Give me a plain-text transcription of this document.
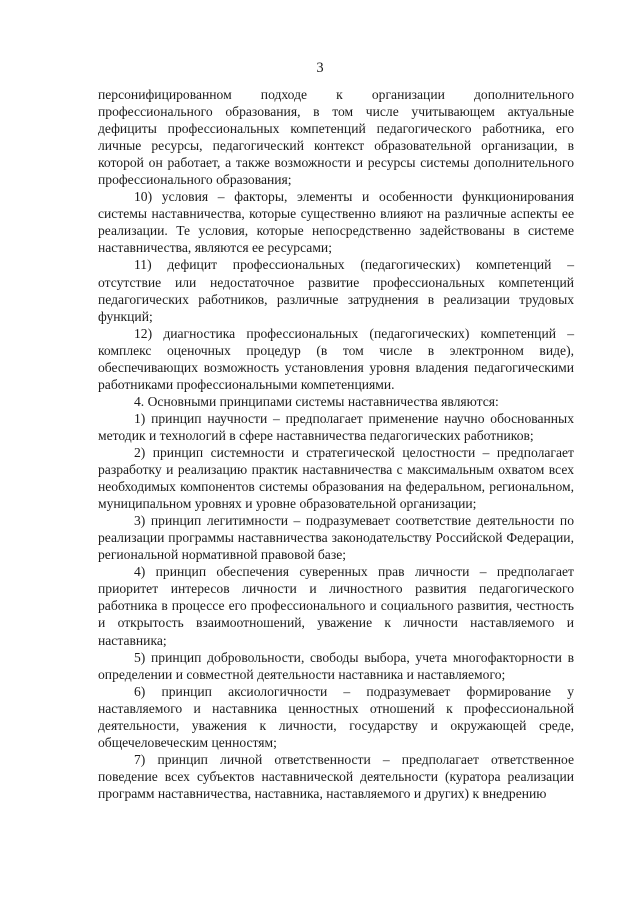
3

персонифицированном подходе к организации дополнительного профессионального образования, в том числе учитывающем актуальные дефициты профессиональных компетенций педагогического работника, его личные ресурсы, педагогический контекст образовательной организации, в которой он работает, а также возможности и ресурсы системы дополнительного профессионального образования;

10) условия – факторы, элементы и особенности функционирования системы наставничества, которые существенно влияют на различные аспекты ее реализации. Те условия, которые непосредственно задействованы в системе наставничества, являются ее ресурсами;

11) дефицит профессиональных (педагогических) компетенций – отсутствие или недостаточное развитие профессиональных компетенций педагогических работников, различные затруднения в реализации трудовых функций;

12) диагностика профессиональных (педагогических) компетенций – комплекс оценочных процедур (в том числе в электронном виде), обеспечивающих возможность установления уровня владения педагогическими работниками профессиональными компетенциями.

4. Основными принципами системы наставничества являются:

1) принцип научности – предполагает применение научно обоснованных методик и технологий в сфере наставничества педагогических работников;

2) принцип системности и стратегической целостности – предполагает разработку и реализацию практик наставничества с максимальным охватом всех необходимых компонентов системы образования на федеральном, региональном, муниципальном уровнях и уровне образовательной организации;

3) принцип легитимности – подразумевает соответствие деятельности по реализации программы наставничества законодательству Российской Федерации, региональной нормативной правовой базе;

4) принцип обеспечения суверенных прав личности – предполагает приоритет интересов личности и личностного развития педагогического работника в процессе его профессионального и социального развития, честность и открытость взаимоотношений, уважение к личности наставляемого и наставника;

5) принцип добровольности, свободы выбора, учета многофакторности в определении и совместной деятельности наставника и наставляемого;

6) принцип аксиологичности – подразумевает формирование у наставляемого и наставника ценностных отношений к профессиональной деятельности, уважения к личности, государству и окружающей среде, общечеловеческим ценностям;

7) принцип личной ответственности – предполагает ответственное поведение всех субъектов наставнической деятельности (куратора реализации программ наставничества, наставника, наставляемого и других) к внедрению
